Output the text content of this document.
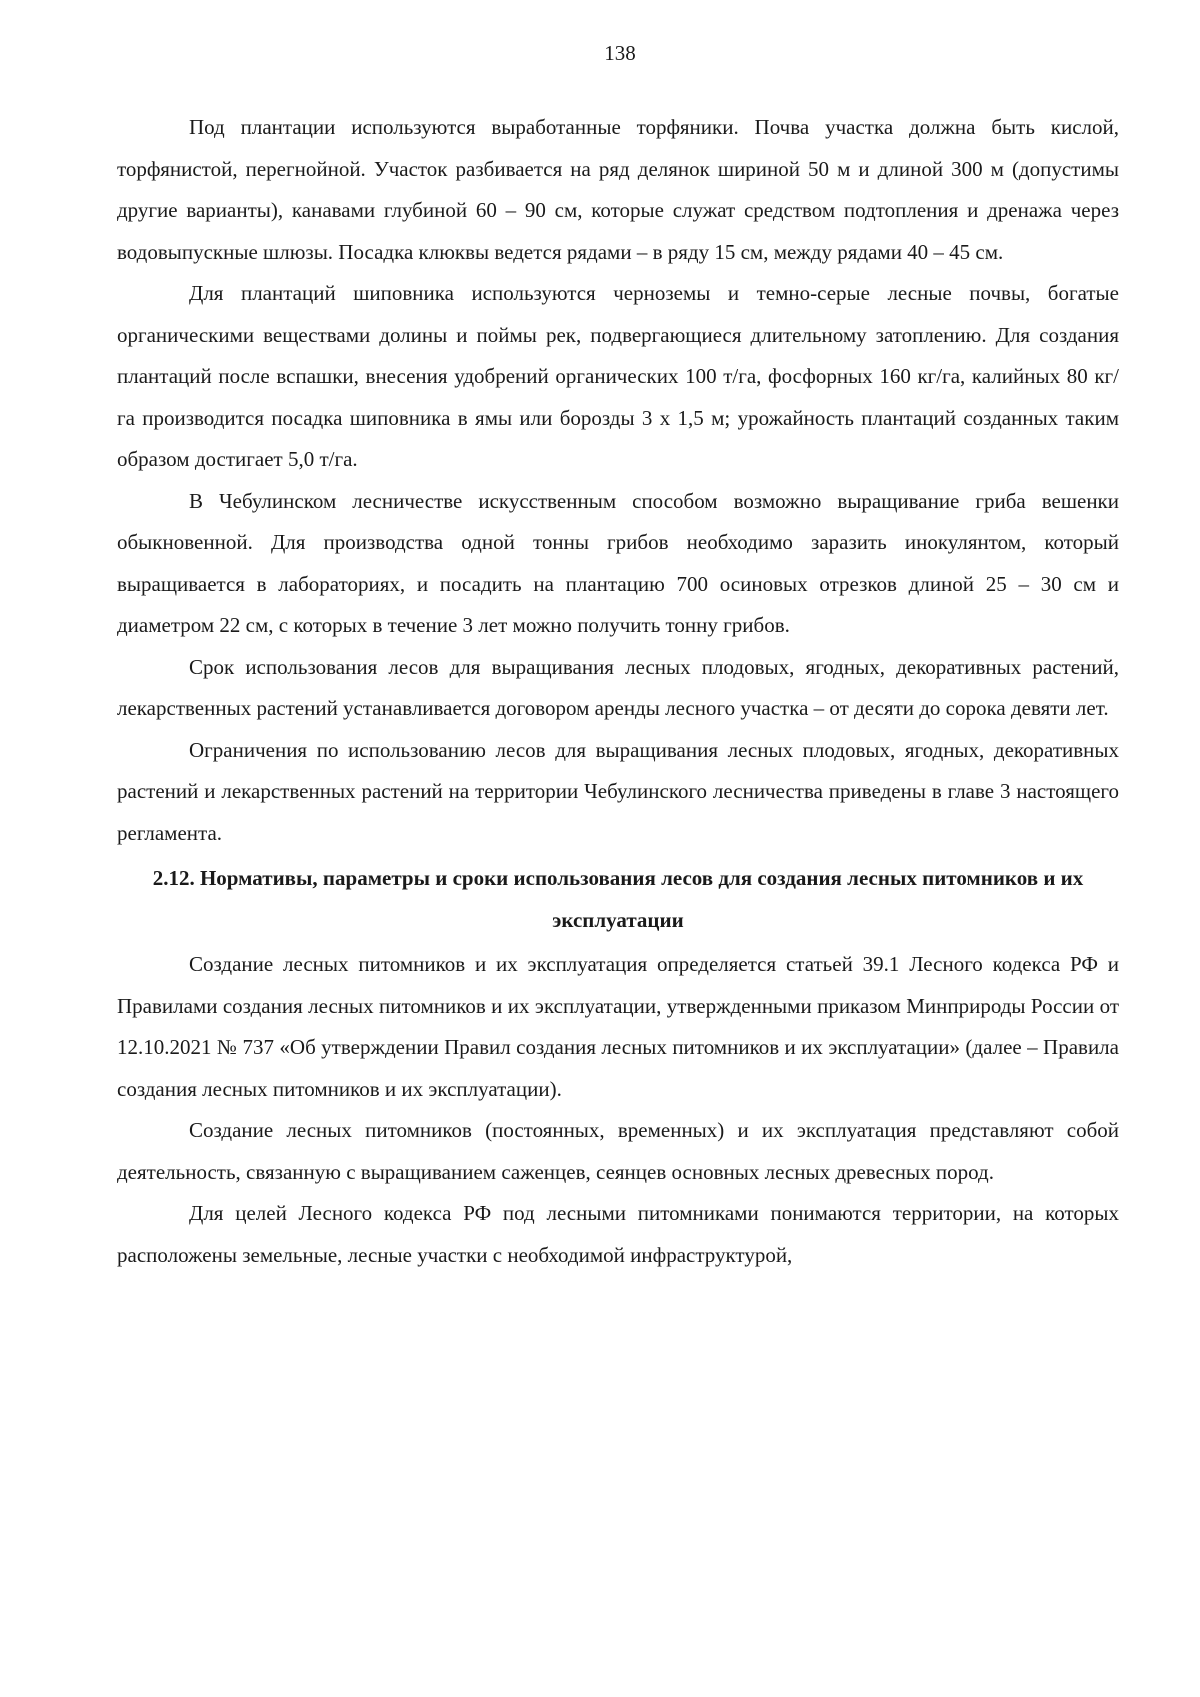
138

Под плантации используются выработанные торфяники. Почва участка должна быть кислой, торфянистой, перегнойной. Участок разбивается на ряд делянок шириной 50 м и длиной 300 м (допустимы другие варианты), канавами глубиной 60 – 90 см, которые служат средством подтопления и дренажа через водовыпускные шлюзы. Посадка клюквы ведется рядами – в ряду 15 см, между рядами 40 – 45 см.

Для плантаций шиповника используются черноземы и темно-серые лесные почвы, богатые органическими веществами долины и поймы рек, подвергающиеся длительному затоплению. Для создания плантаций после вспашки, внесения удобрений органических 100 т/га, фосфорных 160 кг/га, калийных 80 кг/га производится посадка шиповника в ямы или борозды 3 х 1,5 м; урожайность плантаций созданных таким образом достигает 5,0 т/га.

В Чебулинском лесничестве искусственным способом возможно выращивание гриба вешенки обыкновенной. Для производства одной тонны грибов необходимо заразить инокулянтом, который выращивается в лабораториях, и посадить на плантацию 700 осиновых отрезков длиной 25 – 30 см и диаметром 22 см, с которых в течение 3 лет можно получить тонну грибов.

Срок использования лесов для выращивания лесных плодовых, ягодных, декоративных растений, лекарственных растений устанавливается договором аренды лесного участка – от десяти до сорока девяти лет.

Ограничения по использованию лесов для выращивания лесных плодовых, ягодных, декоративных растений и лекарственных растений на территории Чебулинского лесничества приведены в главе 3 настоящего регламента.

2.12. Нормативы, параметры и сроки использования лесов для создания лесных питомников и их эксплуатации

Создание лесных питомников и их эксплуатация определяется статьей 39.1 Лесного кодекса РФ и Правилами создания лесных питомников и их эксплуатации, утвержденными приказом Минприроды России от 12.10.2021 № 737 «Об утверждении Правил создания лесных питомников и их эксплуатации» (далее – Правила создания лесных питомников и их эксплуатации).

Создание лесных питомников (постоянных, временных) и их эксплуатация представляют собой деятельность, связанную с выращиванием саженцев, сеянцев основных лесных древесных пород.

Для целей Лесного кодекса РФ под лесными питомниками понимаются территории, на которых расположены земельные, лесные участки с необходимой инфраструктурой,
